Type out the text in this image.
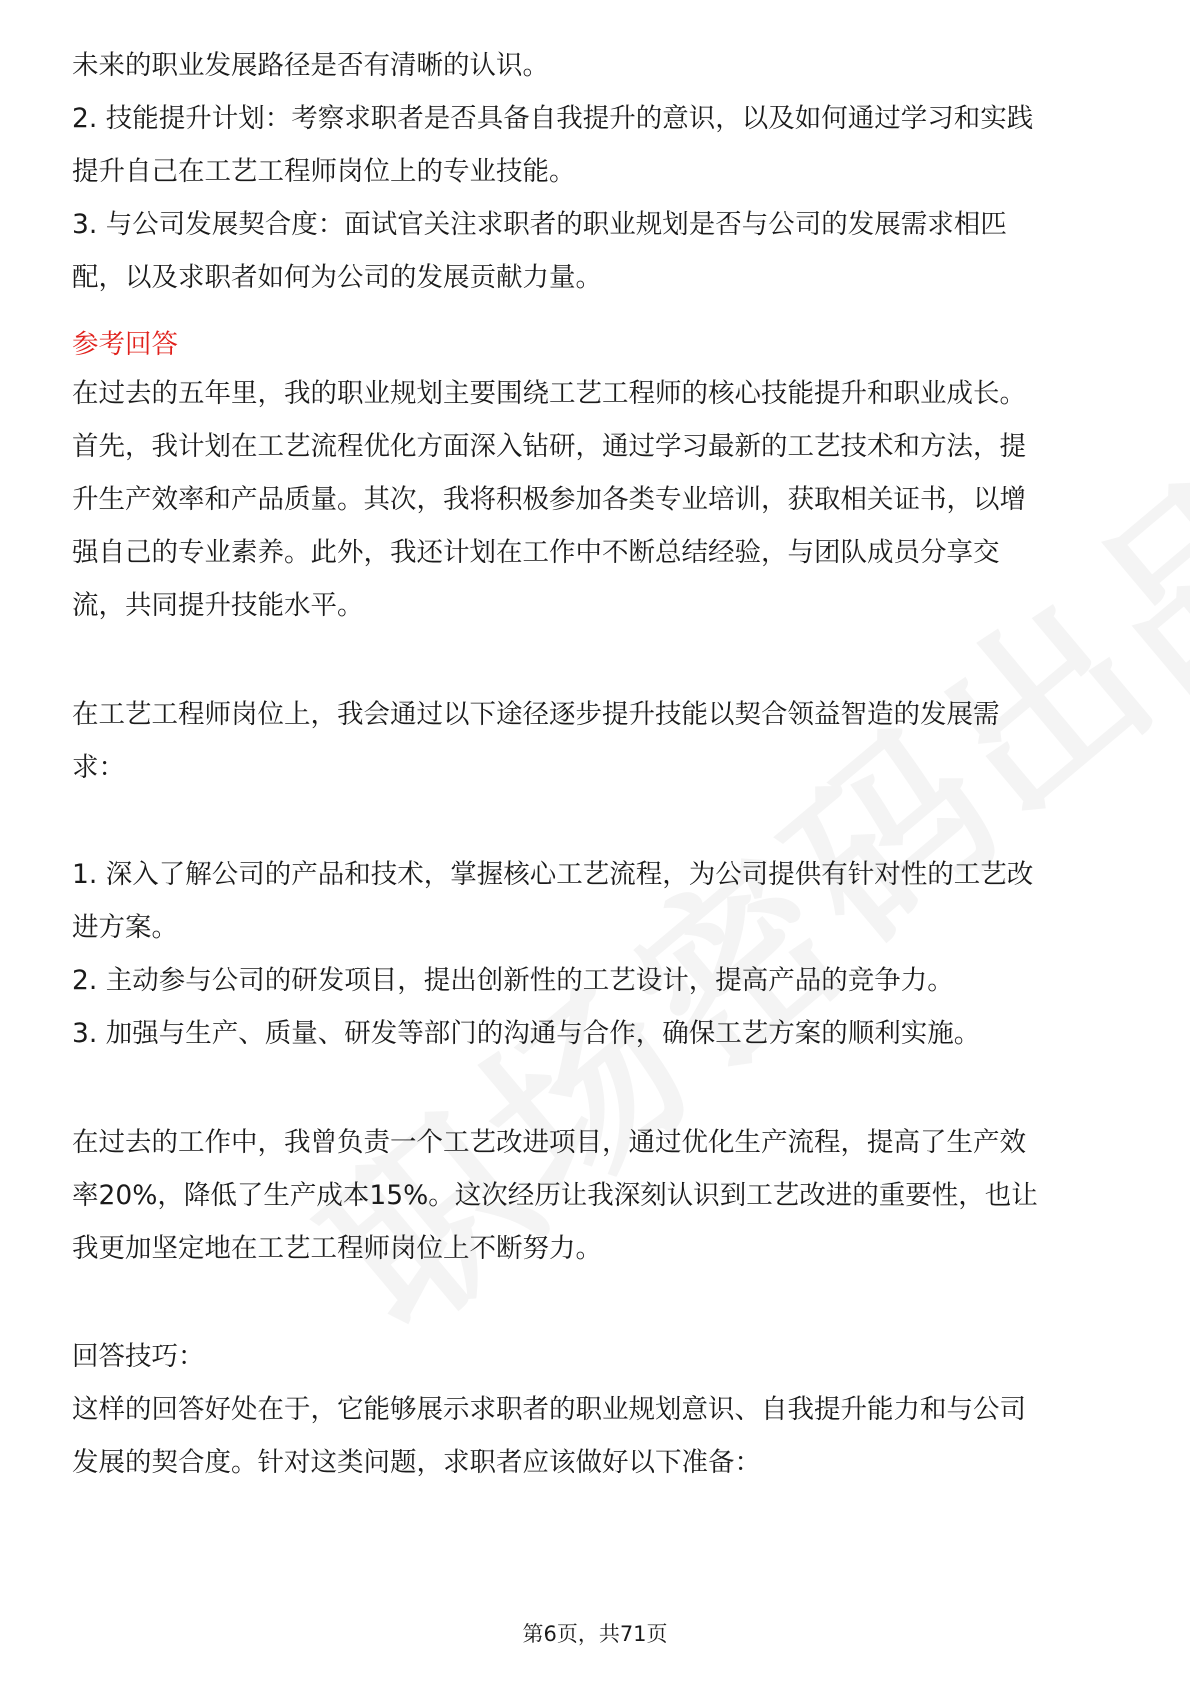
未来的职业发展路径是否有清晰的认识。

2. 技能提升计划：考察求职者是否具备自我提升的意识，以及如何通过学习和实践

提升自己在工艺工程师岗位上的专业技能。

3. 与公司发展契合度：面试官关注求职者的职业规划是否与公司的发展需求相匹

配，以及求职者如何为公司的发展贡献力量。

参考回答

在过去的五年里，我的职业规划主要围绕工艺工程师的核心技能提升和职业成长。

首先，我计划在工艺流程优化方面深入钻研，通过学习最新的工艺技术和方法，提

升生产效率和产品质量。其次，我将积极参加各类专业培训，获取相关证书，以增

强自己的专业素养。此外，我还计划在工作中不断总结经验，与团队成员分享交

流，共同提升技能水平。

在工艺工程师岗位上，我会通过以下途径逐步提升技能以契合领益智造的发展需

求：

1. 深入了解公司的产品和技术，掌握核心工艺流程，为公司提供有针对性的工艺改

进方案。

2. 主动参与公司的研发项目，提出创新性的工艺设计，提高产品的竞争力。

3. 加强与生产、质量、研发等部门的沟通与合作，确保工艺方案的顺利实施。

在过去的工作中，我曾负责一个工艺改进项目，通过优化生产流程，提高了生产效

率20%，降低了生产成本15%。这次经历让我深刻认识到工艺改进的重要性，也让

我更加坚定地在工艺工程师岗位上不断努力。

回答技巧：

这样的回答好处在于，它能够展示求职者的职业规划意识、自我提升能力和与公司

发展的契合度。针对这类问题，求职者应该做好以下准备：

第6页，共71页
